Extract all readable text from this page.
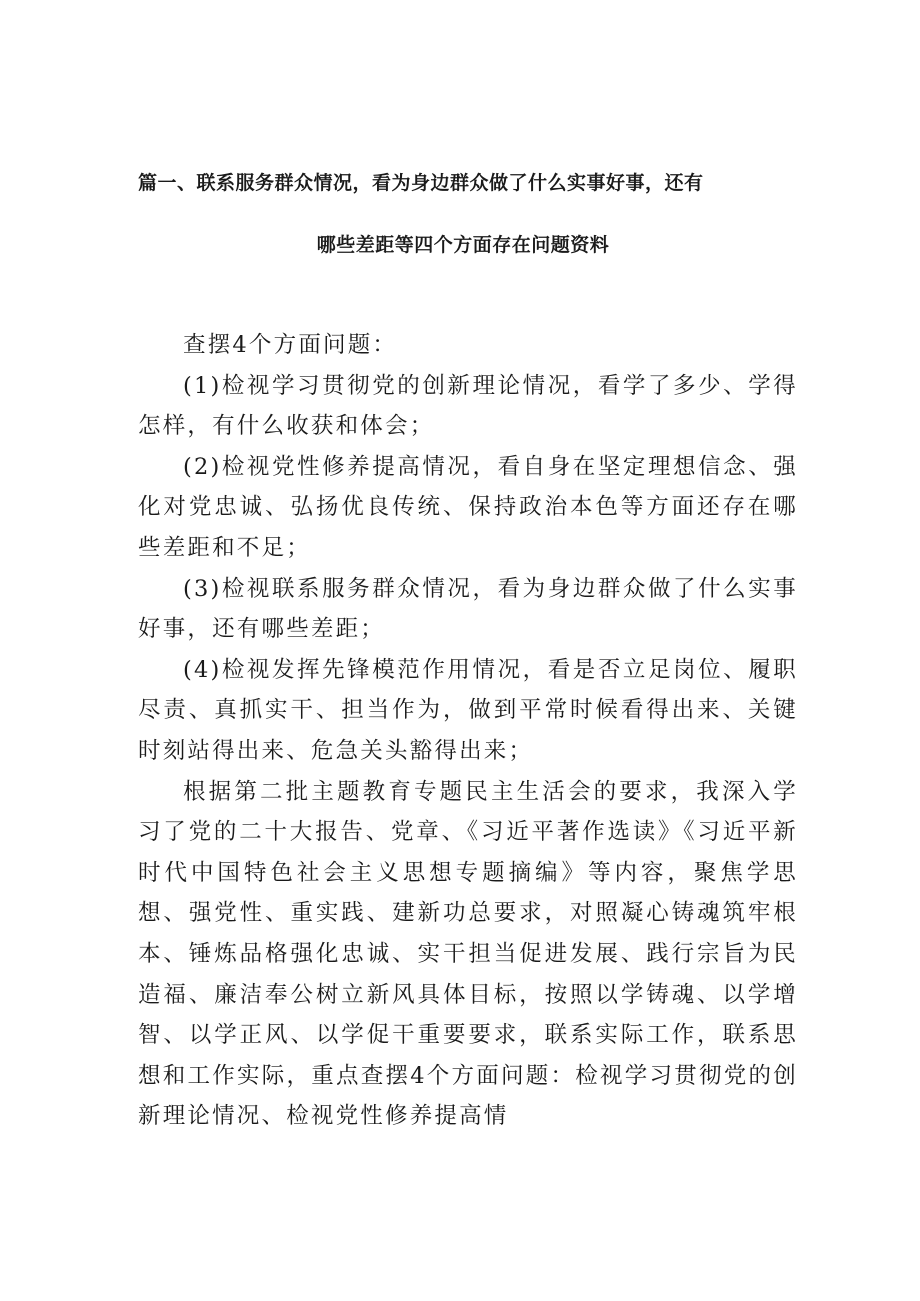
篇一、联系服务群众情况，看为身边群众做了什么实事好事，还有
哪些差距等四个方面存在问题资料

查摆4个方面问题：

(1)检视学习贯彻党的创新理论情况，看学了多少、学得怎样，有什么收获和体会；

(2)检视党性修养提高情况，看自身在坚定理想信念、强化对党忠诚、弘扬优良传统、保持政治本色等方面还存在哪些差距和不足；

(3)检视联系服务群众情况，看为身边群众做了什么实事好事，还有哪些差距；

(4)检视发挥先锋模范作用情况，看是否立足岗位、履职尽责、真抓实干、担当作为，做到平常时候看得出来、关键时刻站得出来、危急关头豁得出来；

根据第二批主题教育专题民主生活会的要求，我深入学习了党的二十大报告、党章、《习近平著作选读》《习近平新时代中国特色社会主义思想专题摘编》等内容，聚焦学思想、强党性、重实践、建新功总要求，对照凝心铸魂筑牢根本、锤炼品格强化忠诚、实干担当促进发展、践行宗旨为民造福、廉洁奉公树立新风具体目标，按照以学铸魂、以学增智、以学正风、以学促干重要要求，联系实际工作，联系思想和工作实际，重点查摆4个方面问题：检视学习贯彻党的创新理论情况、检视党性修养提高情
